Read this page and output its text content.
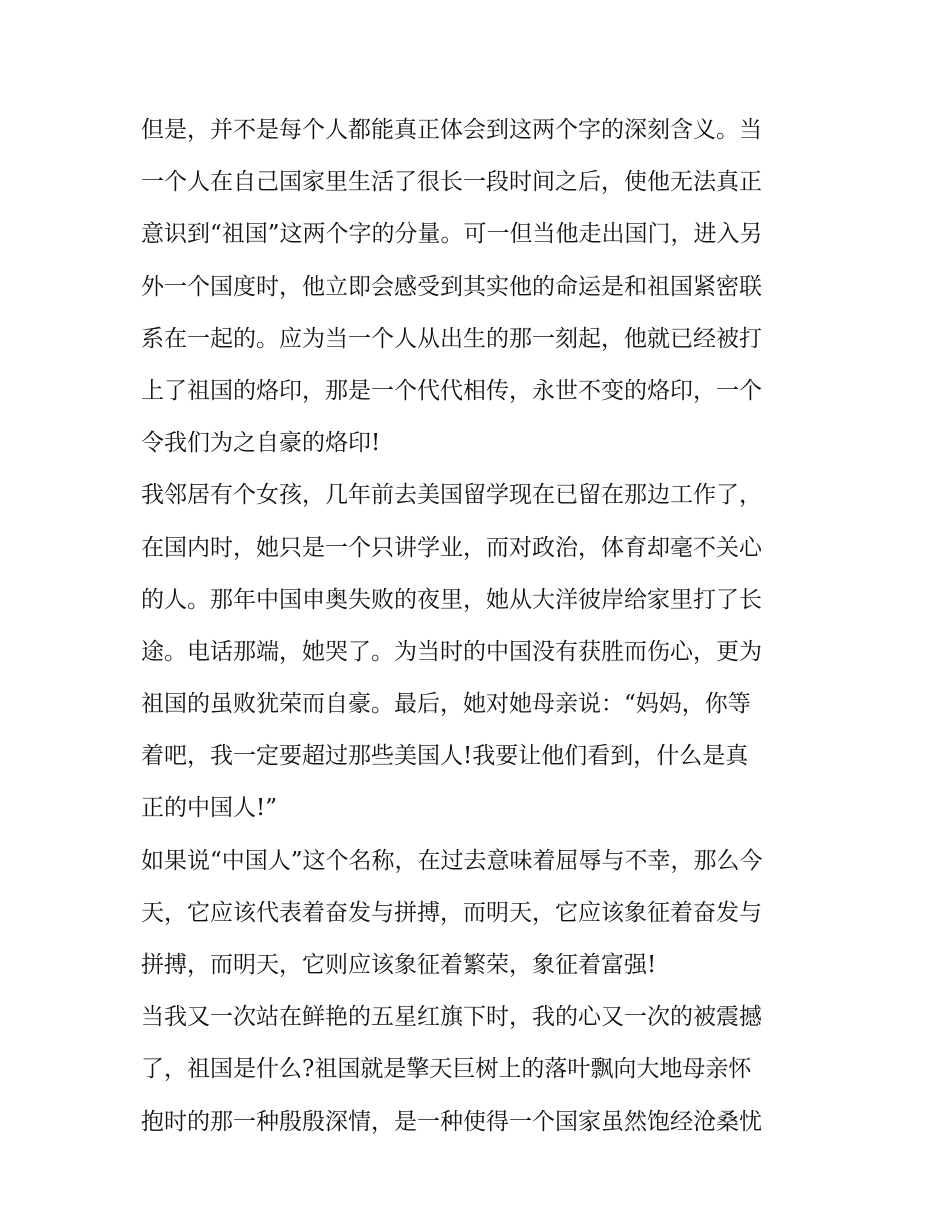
但是，并不是每个人都能真正体会到这两个字的深刻含义。当
一个人在自己国家里生活了很长一段时间之后，使他无法真正
意识到“祖国”这两个字的分量。可一但当他走出国门，进入另
外一个国度时，他立即会感受到其实他的命运是和祖国紧密联
系在一起的。应为当一个人从出生的那一刻起，他就已经被打
上了祖国的烙印，那是一个代代相传，永世不变的烙印，一个
令我们为之自豪的烙印!
我邻居有个女孩，几年前去美国留学现在已留在那边工作了，
在国内时，她只是一个只讲学业，而对政治，体育却毫不关心
的人。那年中国申奥失败的夜里，她从大洋彼岸给家里打了长
途。电话那端，她哭了。为当时的中国没有获胜而伤心，更为
祖国的虽败犹荣而自豪。最后，她对她母亲说：“妈妈，你等
着吧，我一定要超过那些美国人!我要让他们看到，什么是真
正的中国人!”
如果说“中国人”这个名称，在过去意味着屈辱与不幸，那么今
天，它应该代表着奋发与拼搏，而明天，它应该象征着奋发与
拼搏，而明天，它则应该象征着繁荣，象征着富强!
当我又一次站在鲜艳的五星红旗下时，我的心又一次的被震撼
了，祖国是什么?祖国就是擎天巨树上的落叶飘向大地母亲怀
抱时的那一种殷殷深情，是一种使得一个国家虽然饱经沧桑忧
